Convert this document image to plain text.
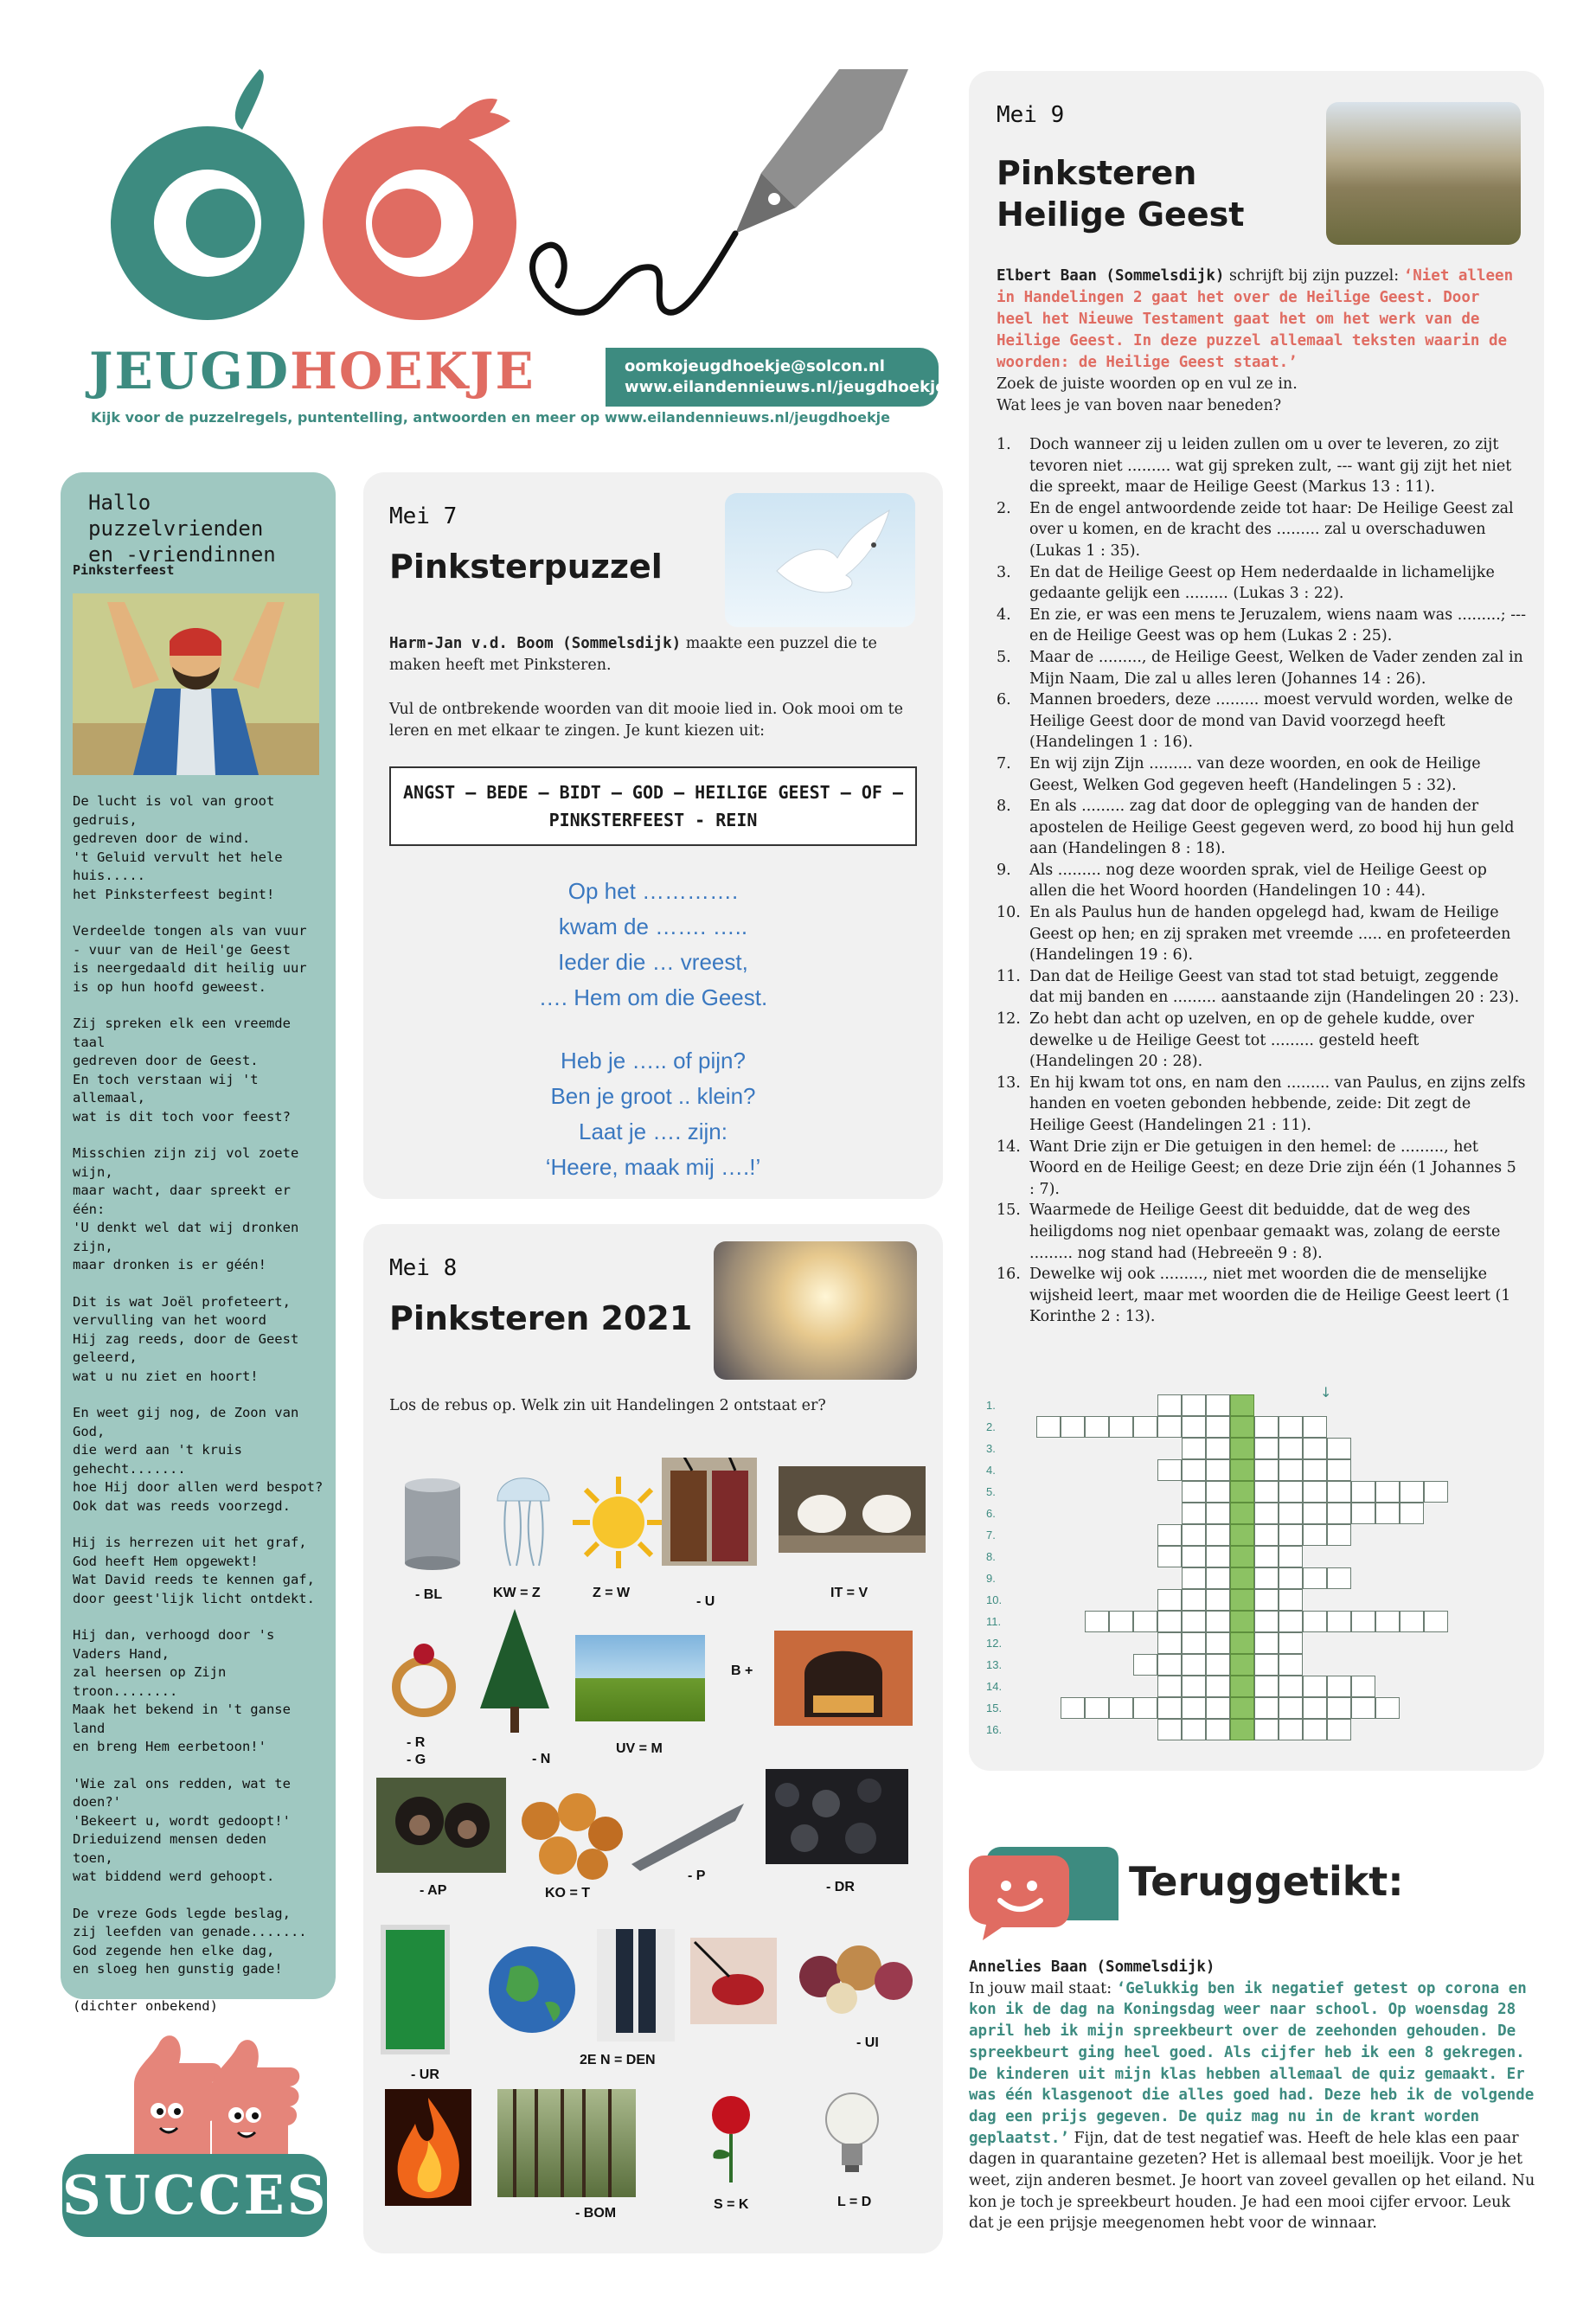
JEUGDHOEKJE	oomkojeugdhoekje@solcon.nl
www.eilandennieuws.nl/jeugdhoekje
Kijk voor de puzzelregels, puntentelling, antwoorden en meer op www.eilandennieuws.nl/jeugdhoekje
Hallo puzzelvrienden
en -vriendinnen
Pinksterfeest

De lucht is vol van groot
gedruis,
gedreven door de wind.
't Geluid vervult het hele
huis.....
het Pinksterfeest begint!

Verdeelde tongen als van vuur
- vuur van de Heil'ge Geest
is neergedaald dit heilig uur
is op hun hoofd geweest.

Zij spreken elk een vreemde
taal
gedreven door de Geest.
En toch verstaan wij 't allemaal,
wat is dit toch voor feest?

Misschien zijn zij vol zoete wijn,
maar wacht, daar spreekt er
één:
'U denkt wel dat wij dronken
zijn,
maar dronken is er géén!

Dit is wat Joël profeteert,
vervulling van het woord
Hij zag reeds, door de Geest
geleerd,
wat u nu ziet en hoort!

En weet gij nog, de Zoon van
God,
die werd aan 't kruis
gehecht.......
hoe Hij door allen werd bespot?
Ook dat was reeds voorzegd.

Hij is herrezen uit het graf,
God heeft Hem opgewekt!
Wat David reeds te kennen gaf,
door geest'lijk licht ontdekt.

Hij dan, verhoogd door 's
Vaders Hand,
zal heersen op Zijn troon........
Maak het bekend in 't ganse
land
en breng Hem eerbetoon!'

'Wie zal ons redden, wat te
doen?'
'Bekeert u, wordt gedoopt!'
Drieduizend mensen deden
toen,
wat biddend werd gehoopt.

De vreze Gods legde beslag,
zij leefden van genade.......
God zegende hen elke dag,
en sloeg hen gunstig gade!

(dichter onbekend)

SUCCES
Mei 7
Pinksterpuzzel
Harm-Jan v.d. Boom (Sommelsdijk) maakte een puzzel die te maken heeft met Pinksteren.
Vul de ontbrekende woorden van dit mooie lied in. Ook mooi om te leren en met elkaar te zingen. Je kunt kiezen uit:
ANGST – BEDE – BIDT – GOD – HEILIGE GEEST – OF –
PINKSTERFEEST - REIN
Op het ………….
kwam de ……. …..
Ieder die … vreest,
…. Hem om die Geest.
Heb je ….. of pijn?
Ben je groot .. klein?
Laat je …. zijn:
‘Heere, maak mij ….!’
Mei 8
Pinksteren 2021
Los de rebus op. Welk zin uit Handelingen 2 ontstaat er?
- BL	KW = Z	Z = W
- U
IT = V
- R
- G	- N
UV = M
B +
- AP	KO = T
- P
- DR
- UR
2E N = DEN
- UI
- BOM
S = K	L = D
Mei 9
Pinksteren
Heilige Geest
Elbert Baan (Sommelsdijk) schrijft bij zijn puzzel: ‘Niet alleen in Handelingen 2 gaat het over de Heilige Geest. Door heel het Nieuwe Testament gaat het om het werk van de Heilige Geest. In deze puzzel allemaal teksten waarin de woorden: de Heilige Geest staat.’
Zoek de juiste woorden op en vul ze in.
Wat lees je van boven naar beneden?
1.	Doch wanneer zij u leiden zullen om u over te leveren, zo zijt tevoren niet ......... wat gij spreken zult, --- want gij zijt het niet die spreekt, maar de Heilige Geest (Markus 13 : 11).
2.	En de engel antwoordende zeide tot haar: De Heilige Geest zal over u komen, en de kracht des ......... zal u overschaduwen (Lukas 1 : 35).
3.	En dat de Heilige Geest op Hem nederdaalde in lichamelijke gedaante gelijk een ......... (Lukas 3 : 22).
4.	En zie, er was een mens te Jeruzalem, wiens naam was .........; --- en de Heilige Geest was op hem (Lukas 2 : 25).
5.	Maar de ........., de Heilige Geest, Welken de Vader zenden zal in Mijn Naam, Die zal u alles leren (Johannes 14 : 26).
6.	Mannen broeders, deze ......... moest vervuld worden, welke de Heilige Geest door de mond van David voorzegd heeft (Handelingen 1 : 16).
7.	En wij zijn Zijn ......... van deze woorden, en ook de Heilige Geest, Welken God gegeven heeft (Handelingen 5 : 32).
8.	En als ......... zag dat door de oplegging van de handen der apostelen de Heilige Geest gegeven werd, zo bood hij hun geld aan (Handelingen 8 : 18).
9.	Als ......... nog deze woorden sprak, viel de Heilige Geest op allen die het Woord hoorden (Handelingen 10 : 44).
10. En als Paulus hun de handen opgelegd had, kwam de Heilige Geest op hen; en zij spraken met vreemde ..... en profeteerden (Handelingen 19 : 6).
11. Dan dat de Heilige Geest van stad tot stad betuigt, zeggende dat mij banden en ......... aanstaande zijn (Handelingen 20 : 23).
12. Zo hebt dan acht op uzelven, en op de gehele kudde, over dewelke u de Heilige Geest tot ......... gesteld heeft (Handelingen 20 : 28).
13. En hij kwam tot ons, en nam den ......... van Paulus, en zijns zelfs handen en voeten gebonden hebbende, zeide: Dit zegt de Heilige Geest (Handelingen 21 : 11).
14. Want Drie zijn er Die getuigen in den hemel: de ........., het Woord en de Heilige Geest; en deze Drie zijn één (1 Johannes 5 : 7).
15. Waarmede de Heilige Geest dit beduidde, dat de weg des heiligdoms nog niet openbaar gemaakt was, zolang de eerste ......... nog stand had (Hebreeën 9 : 8).
16. Dewelke wij ook ........., niet met woorden die de menselijke wijsheid leert, maar met woorden die de Heilige Geest leert (1 Korinthe 2 : 13).
↓
1.
2.
3.
4.
5.
6.
7.
8.
9.
10.
11.
12.
13.
14.
15.
16.
Teruggetikt:
Annelies Baan (Sommelsdijk)
In jouw mail staat: ‘Gelukkig ben ik negatief getest op corona en kon ik de dag na Koningsdag weer naar school. Op woensdag 28 april heb ik mijn spreekbeurt over de zeehonden gehouden. De spreekbeurt ging heel goed. Als cijfer heb ik een 8 gekregen. De kinderen uit mijn klas hebben allemaal de quiz gemaakt. Er was één klasgenoot die alles goed had. Deze heb ik de volgende dag een prijs gegeven. De quiz mag nu in de krant worden geplaatst.’ Fijn, dat de test negatief was. Heeft de hele klas een paar dagen in quarantaine gezeten? Het is allemaal best moeilijk. Voor je het weet, zijn anderen besmet. Je hoort van zoveel gevallen op het eiland. Nu kon je toch je spreekbeurt houden. Je had een mooi cijfer ervoor. Leuk dat je een prijsje meegenomen hebt voor de winnaar.
